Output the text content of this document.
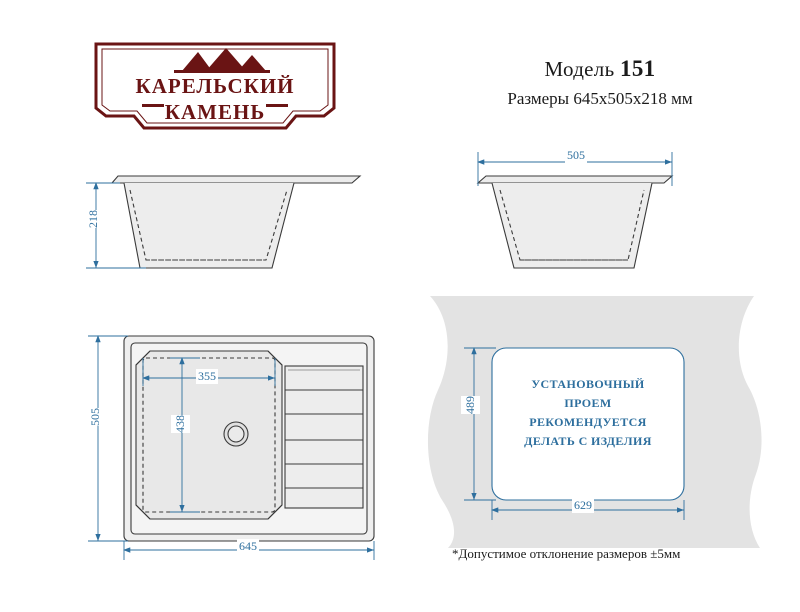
КАРЕЛЬСКИЙ
КАМЕНЬ
Модель 151
Размеры 645х505х218 мм
218
505
505
645
355
438
489
629
УСТАНОВОЧНЫЙ
ПРОЕМ
РЕКОМЕНДУЕТСЯ
ДЕЛАТЬ С ИЗДЕЛИЯ
*Допустимое отклонение размеров ±5мм
